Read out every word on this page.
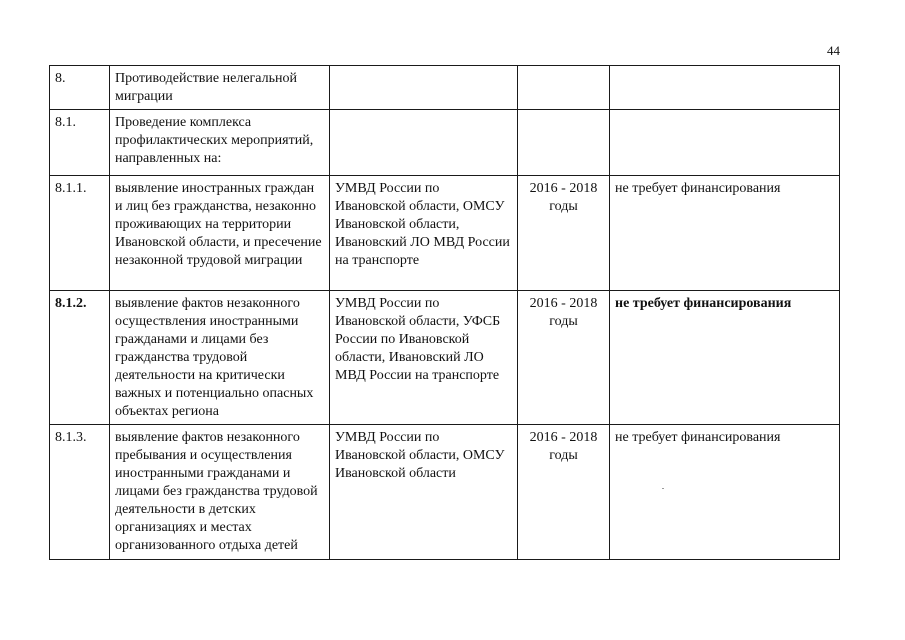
44
8.	Противодействие нелегальной миграции			

8.1.	Проведение комплекса профилактических мероприятий, направленных на:			

8.1.1.	выявление иностранных граждан и лиц без гражданства, незаконно проживающих на территории Ивановской области, и пресечение незаконной трудовой миграции	УМВД России по Ивановской области, ОМСУ Ивановской области, Ивановский ЛО МВД России на транспорте	2016 - 2018 годы	не требует финансирования

8.1.2.	выявление фактов незаконного осуществления иностранными гражданами и лицами без гражданства трудовой деятельности на критически важных и потенциально опасных объектах региона	УМВД России по Ивановской области, УФСБ России по Ивановской области, Ивановский ЛО МВД России на транспорте	2016 - 2018 годы	не требует финансирования

8.1.3.	выявление фактов незаконного пребывания и осуществления иностранными гражданами и лицами без гражданства трудовой деятельности в детских организациях и местах организованного отдыха детей	УМВД России по Ивановской области, ОМСУ Ивановской области	2016 - 2018 годы	не требует финансирования
